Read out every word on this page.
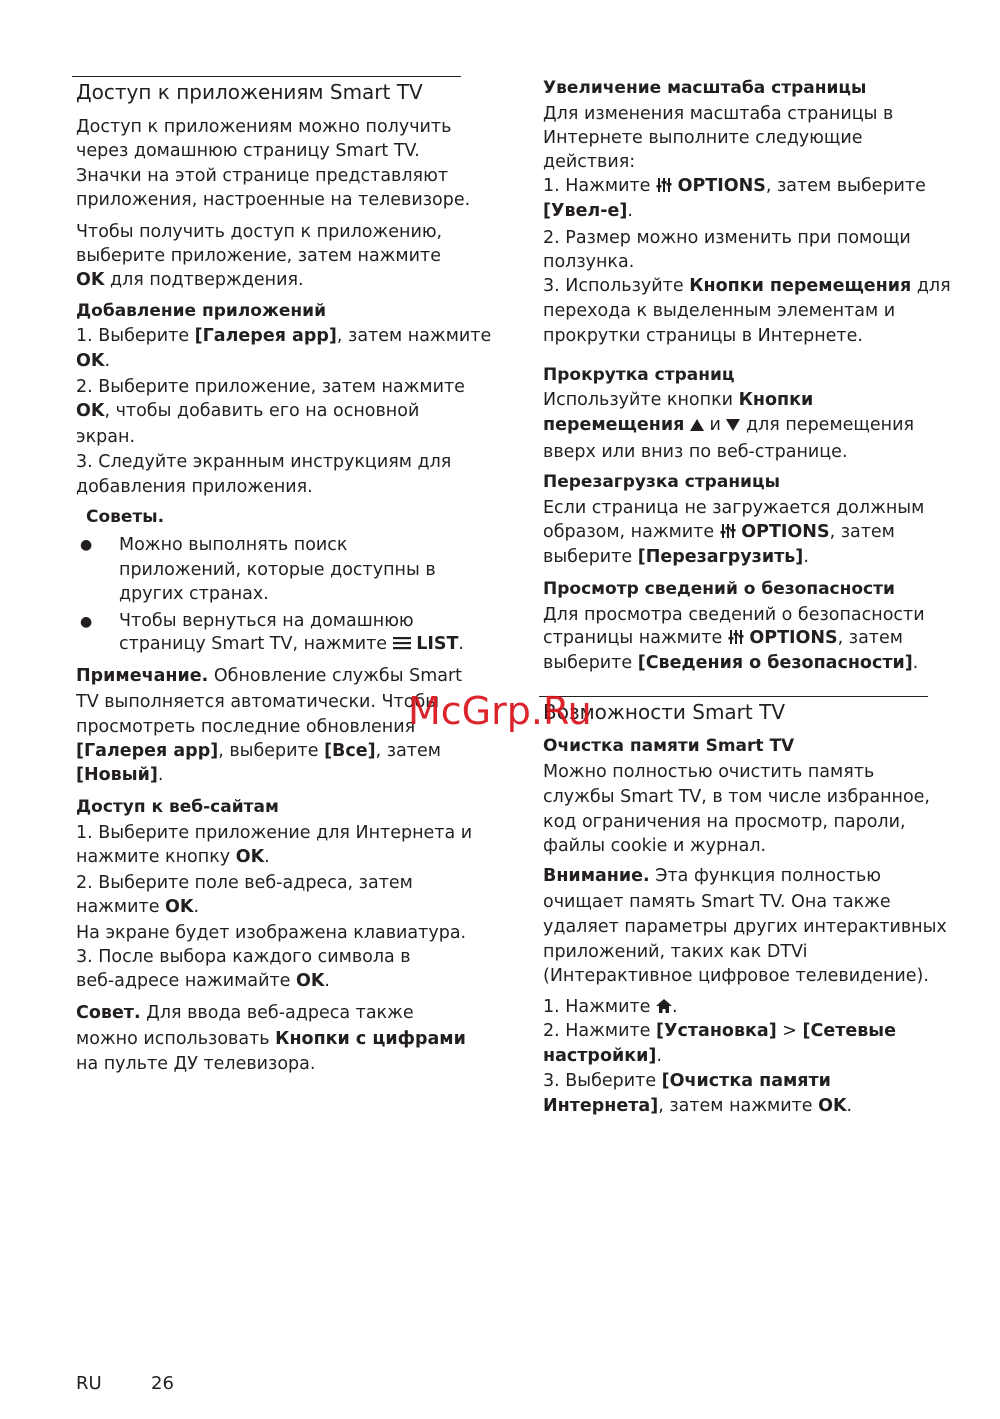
Доступ к приложениям Smart TV
Доступ к приложениям можно получить
через домашнюю страницу Smart TV.
Значки на этой странице представляют
приложения, настроенные на телевизоре.
Чтобы получить доступ к приложению,
выберите приложение, затем нажмите
OK для подтверждения.
Добавление приложений
1. Выберите [Галерея app], затем нажмите
OK.
2. Выберите приложение, затем нажмите
OK, чтобы добавить его на основной
экран.
3. Следуйте экранным инструкциям для
добавления приложения.
Советы.
● Можно выполнять поиск
приложений, которые доступны в
других странах.
● Чтобы вернуться на домашнюю
страницу Smart TV, нажмите  LIST.
Примечание. Обновление службы Smart
TV выполняется автоматически. Чтобы
просмотреть последние обновления
[Галерея app], выберите [Все], затем
[Новый].
Доступ к веб-сайтам
1. Выберите приложение для Интернета и
нажмите кнопку OK.
2. Выберите поле веб-адреса, затем
нажмите OK.
На экране будет изображена клавиатура.
3. После выбора каждого символа в
веб-адресе нажимайте OK.
Совет. Для ввода веб-адреса также
можно использовать Кнопки с цифрами
на пульте ДУ телевизора.
Увеличение масштаба страницы
Для изменения масштаба страницы в
Интернете выполните следующие
действия:
1. Нажмите  OPTIONS, затем выберите
[Увел-е].
2. Размер можно изменить при помощи
ползунка.
3. Используйте Кнопки перемещения для
перехода к выделенным элементам и
прокрутки страницы в Интернете.
Прокрутка страниц
Используйте кнопки Кнопки
перемещения  и  для перемещения
вверх или вниз по веб-странице.
Перезагрузка страницы
Если страница не загружается должным
образом, нажмите  OPTIONS, затем
выберите [Перезагрузить].
Просмотр сведений о безопасности
Для просмотра сведений о безопасности
страницы нажмите  OPTIONS, затем
выберите [Сведения о безопасности].
Возможности Smart TV
Очистка памяти Smart TV
Можно полностью очистить память
службы Smart TV, в том числе избранное,
код ограничения на просмотр, пароли,
файлы cookie и журнал.
Внимание. Эта функция полностью
очищает память Smart TV. Она также
удаляет параметры других интерактивных
приложений, таких как DTVi
(Интерактивное цифровое телевидение).
1. Нажмите .
2. Нажмите [Установка] > [Сетевые
настройки].
3. Выберите [Очистка памяти
Интернета], затем нажмите OK.
McGrp.Ru
RU	26
